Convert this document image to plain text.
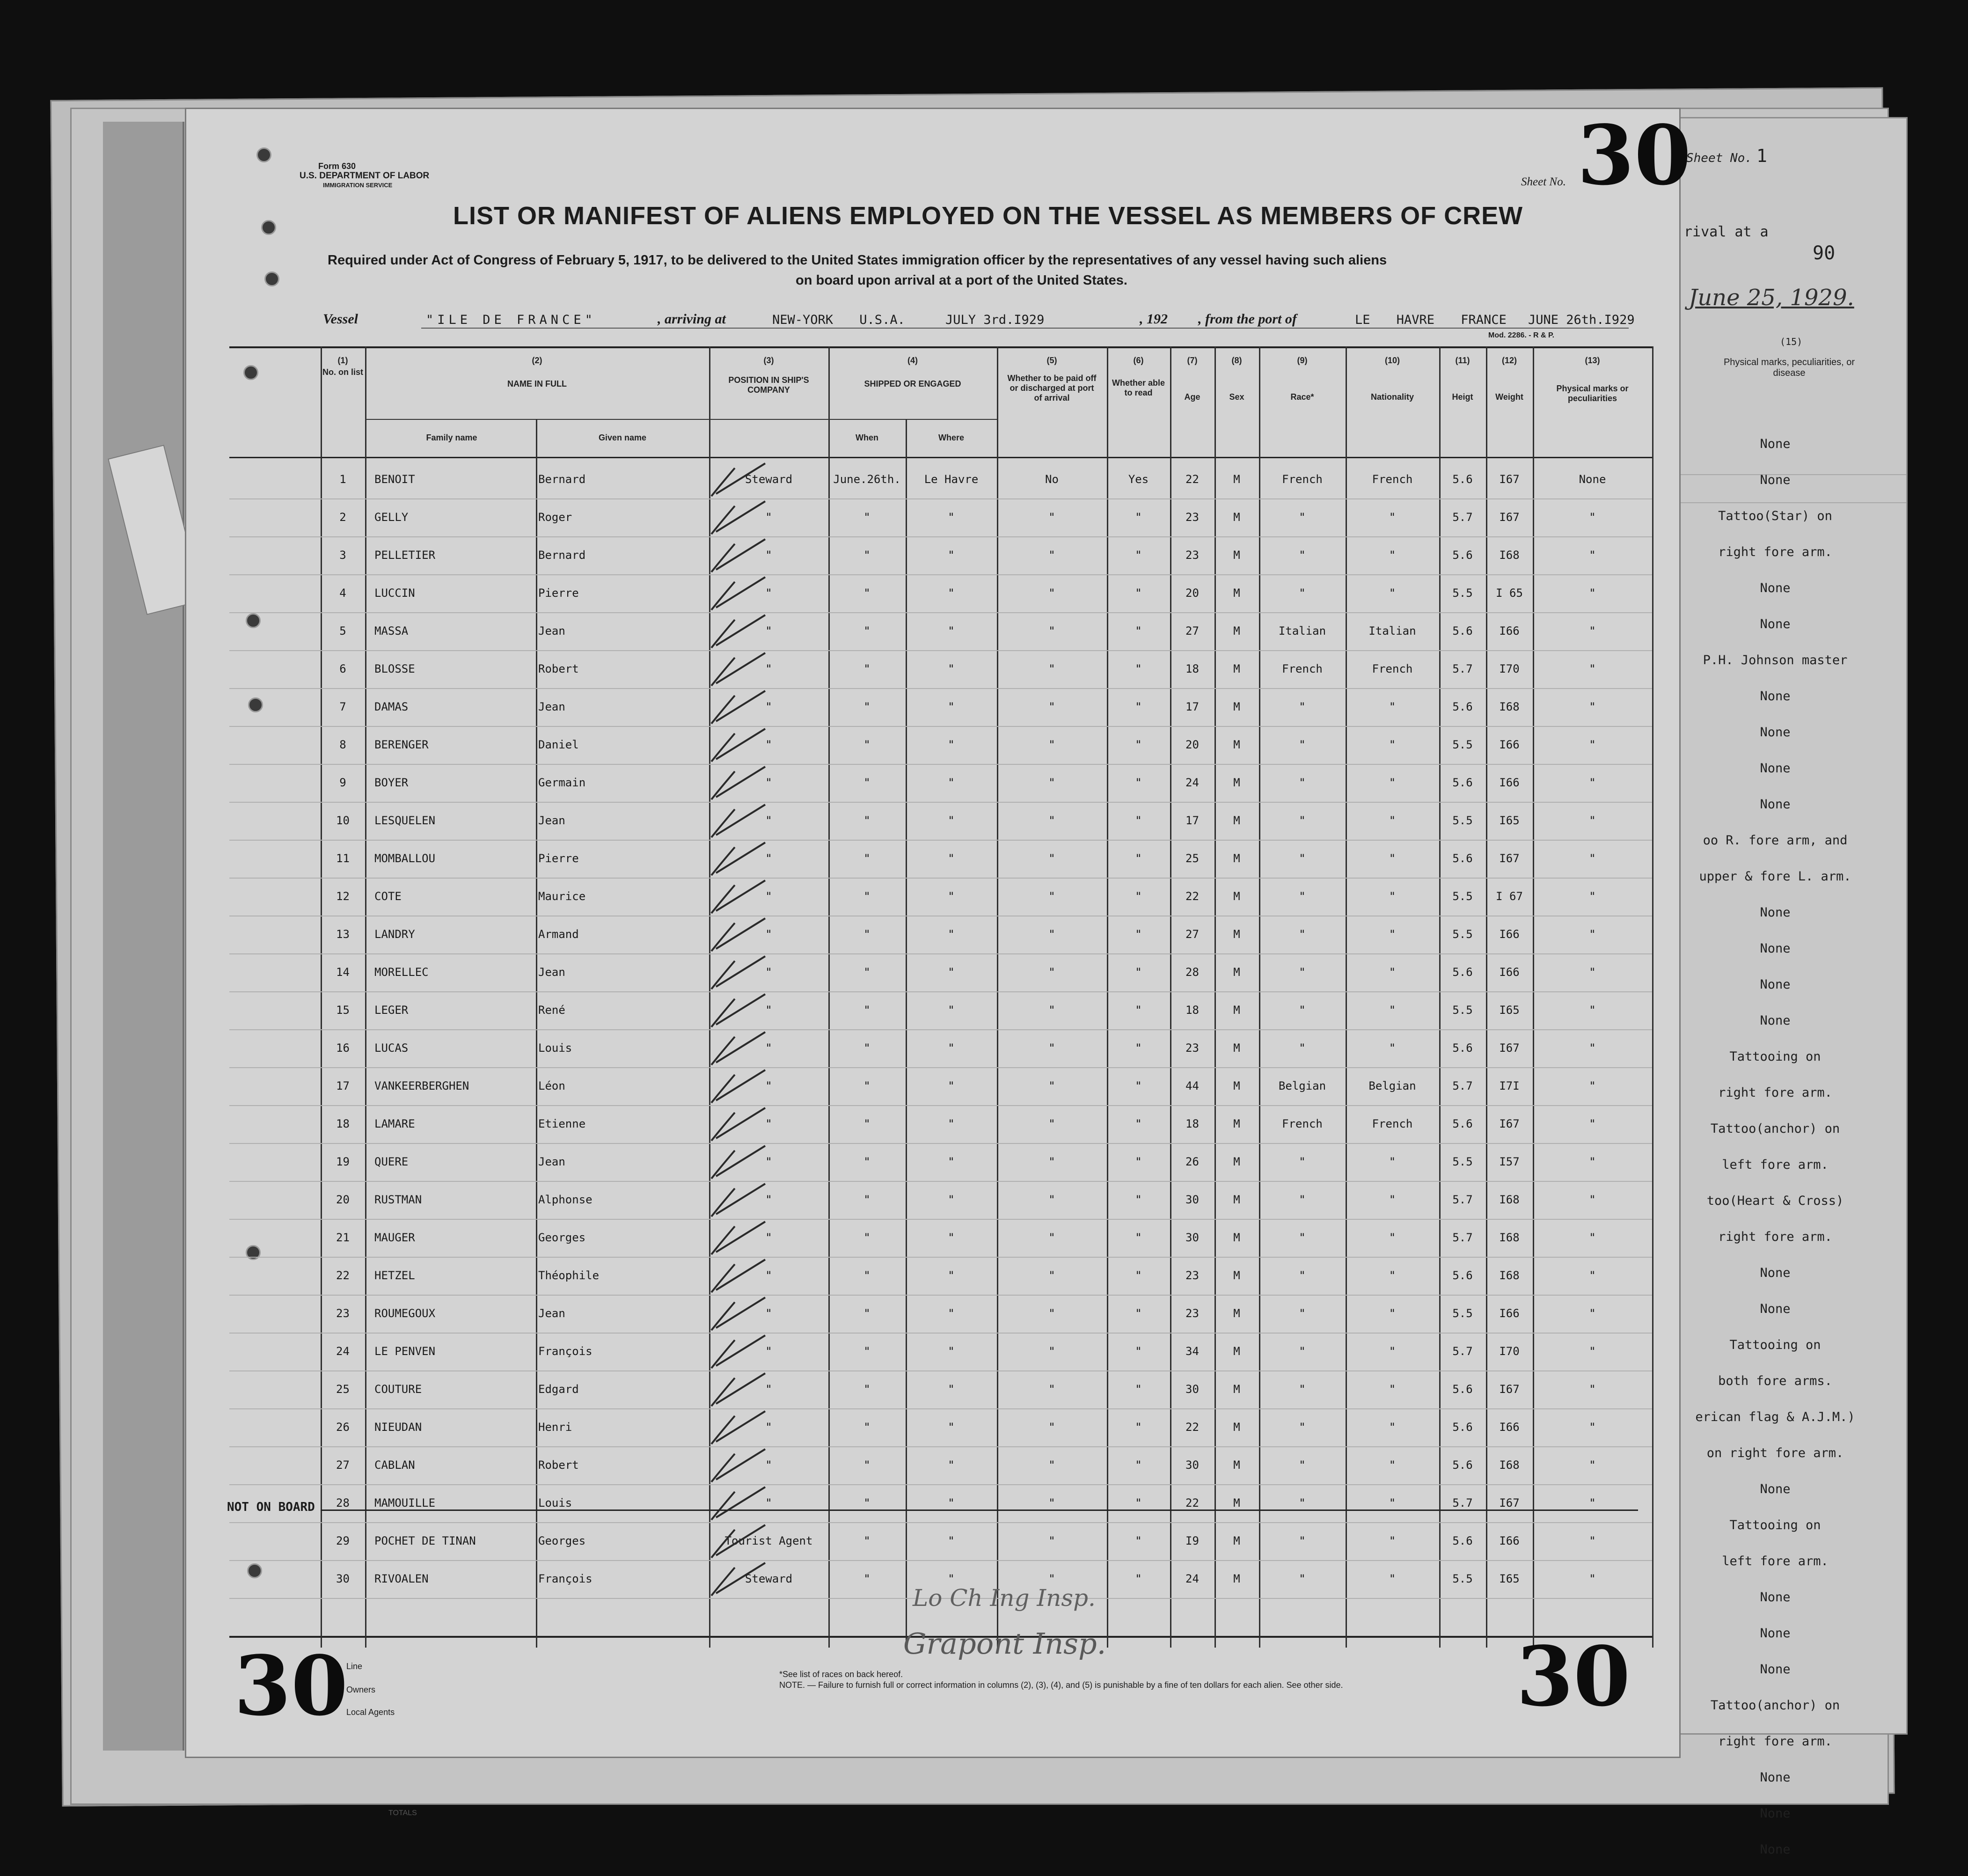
Sheet No. 1
rival at a
90
June 25, 1929.
(15)
Physical marks, peculiarities, or disease
None
None
Tattoo(Star) on
right fore arm.
None
None
P.H. Johnson master
None
None
None
None
oo R. fore arm, and
upper & fore L. arm.
None
None
None
None
Tattooing on
right fore arm.
Tattoo(anchor) on
left fore arm.
too(Heart & Cross)
right fore arm.
None
None
Tattooing on
both fore arms.
erican flag & A.J.M.)
on right fore arm.
None
Tattooing on
left fore arm.
None
None
None
Tattoo(anchor) on
right fore arm.
None
None
None
Form 630
U.S. DEPARTMENT OF LABOR
IMMIGRATION SERVICE
LIST OR MANIFEST OF ALIENS EMPLOYED ON THE VESSEL AS MEMBERS OF CREW
Required under Act of Congress of February 5, 1917, to be delivered to the United States immigration officer by the representatives of any vessel having such aliens
on board upon arrival at a port of the United States.
Sheet No. 30
Vessel	"ILE DE FRANCE"	, arriving at	NEW-YORK U.S.A.	JULY 3rd.I929	, 192 , from the port of	LE HAVRE FRANCE JUNE 26th.I929
Mod. 2286. - R & P.
(1)
No. on list
(2)
NAME IN FULL
Family name	Given name
(3)
POSITION IN SHIP'S COMPANY
(4)
SHIPPED OR ENGAGED
When	Where
(5)
Whether to be paid off or discharged at port of arrival
(6)
Whether able to read
(7)
Age
(8)
Sex
(9)
Race*
(10)
Nationality
(11)
Heigt
(12)
Weight
(13)
Physical marks or peculiarities
1	BENOIT	Bernard	Steward	June.26th.	Le Havre	No	Yes	22	M	French	French	5.6	I67	None
2	GELLY	Roger	"	"	"	"	"	23	M	"	"	5.7	I67	"
3	PELLETIER	Bernard	"	"	"	"	"	23	M	"	"	5.6	I68	"
4	LUCCIN	Pierre	"	"	"	"	"	20	M	"	"	5.5	I 65	"
5	MASSA	Jean	"	"	"	"	"	27	M	Italian	Italian	5.6	I66	"
6	BLOSSE	Robert	"	"	"	"	"	18	M	French	French	5.7	I70	"
7	DAMAS	Jean	"	"	"	"	"	17	M	"	"	5.6	I68	"
8	BERENGER	Daniel	"	"	"	"	"	20	M	"	"	5.5	I66	"
9	BOYER	Germain	"	"	"	"	"	24	M	"	"	5.6	I66	"
10	LESQUELEN	Jean	"	"	"	"	"	17	M	"	"	5.5	I65	"
11	MOMBALLOU	Pierre	"	"	"	"	"	25	M	"	"	5.6	I67	"
12	COTE	Maurice	"	"	"	"	"	22	M	"	"	5.5	I 67	"
13	LANDRY	Armand	"	"	"	"	"	27	M	"	"	5.5	I66	"
14	MORELLEC	Jean	"	"	"	"	"	28	M	"	"	5.6	I66	"
15	LEGER	René	"	"	"	"	"	18	M	"	"	5.5	I65	"
16	LUCAS	Louis	"	"	"	"	"	23	M	"	"	5.6	I67	"
17	VANKEERBERGHEN	Léon	"	"	"	"	"	44	M	Belgian	Belgian	5.7	I7I	"
18	LAMARE	Etienne	"	"	"	"	"	18	M	French	French	5.6	I67	"
19	QUERE	Jean	"	"	"	"	"	26	M	"	"	5.5	I57	"
20	RUSTMAN	Alphonse	"	"	"	"	"	30	M	"	"	5.7	I68	"
21	MAUGER	Georges	"	"	"	"	"	30	M	"	"	5.7	I68	"
22	HETZEL	Théophile	"	"	"	"	"	23	M	"	"	5.6	I68	"
23	ROUMEGOUX	Jean	"	"	"	"	"	23	M	"	"	5.5	I66	"
24	LE PENVEN	François	"	"	"	"	"	34	M	"	"	5.7	I70	"
25	COUTURE	Edgard	"	"	"	"	"	30	M	"	"	5.6	I67	"
26	NIEUDAN	Henri	"	"	"	"	"	22	M	"	"	5.6	I66	"
27	CABLAN	Robert	"	"	"	"	"	30	M	"	"	5.6	I68	"
28	MAMOUILLE	Louis	"	"	"	"	"	22	M	"	"	5.7	I67	"
29	POCHET DE TINAN	Georges	Tourist Agent	"	"	"	"	I9	M	"	"	5.6	I66	"
30	RIVOALEN	François	Steward	"	"	"	"	24	M	"	"	5.5	I65	"
NOT ON BOARD
30	30
Line
Owners
Local Agents
*See list of races on back hereof.
NOTE. — Failure to furnish full or correct information in columns (2), (3), (4), and (5) is punishable by a fine of ten dollars for each alien. See other side.
Lo Ch Ing Insp.
Grapont Insp.
TOTALS
